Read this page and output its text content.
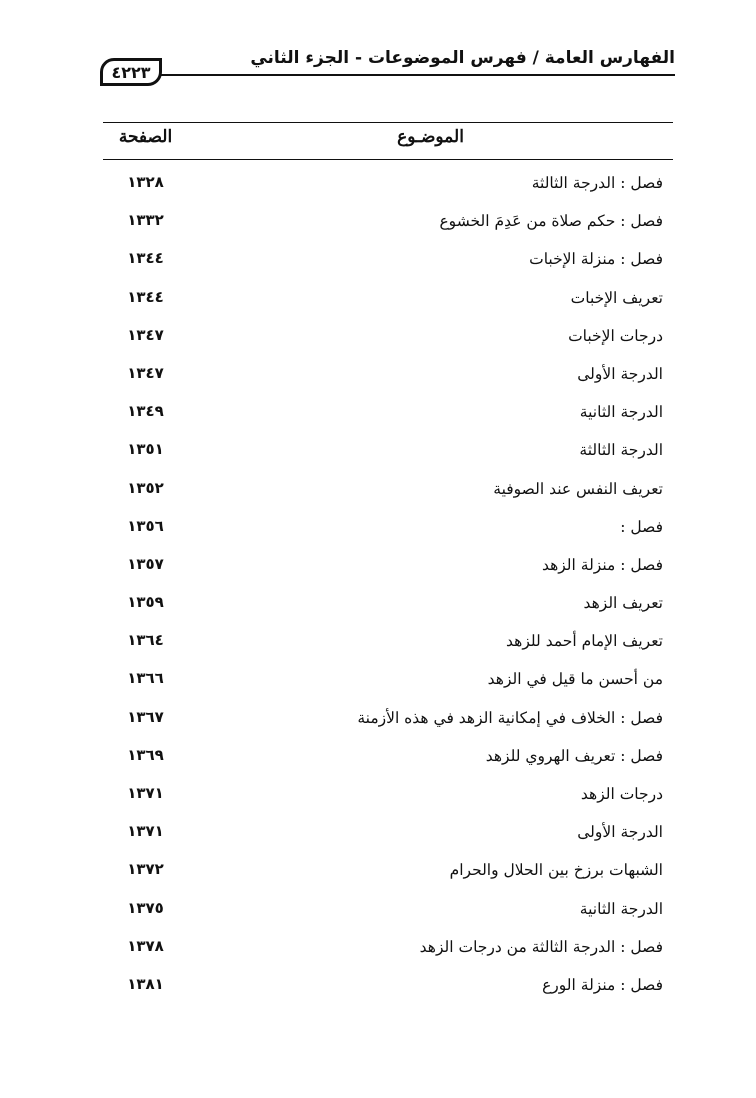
الفهارس العامة / فهرس الموضوعات - الجزء الثاني
٤٢٢٣
الموضـوع
الصفحة
فصل : الدرجة الثالثة
١٣٢٨
فصل : حكم صلاة من عَدِمَ الخشوع
١٣٣٢
فصل : منزلة الإخبات
١٣٤٤
تعريف الإخبات
١٣٤٤
درجات الإخبات
١٣٤٧
الدرجة الأولى
١٣٤٧
الدرجة الثانية
١٣٤٩
الدرجة الثالثة
١٣٥١
تعريف النفس عند الصوفية
١٣٥٢
فصل :
١٣٥٦
فصل : منزلة الزهد
١٣٥٧
تعريف الزهد
١٣٥٩
تعريف الإمام أحمد للزهد
١٣٦٤
من أحسن ما قيل في الزهد
١٣٦٦
فصل : الخلاف في إمكانية الزهد في هذه الأزمنة
١٣٦٧
فصل : تعريف الهروي للزهد
١٣٦٩
درجات الزهد
١٣٧١
الدرجة الأولى
١٣٧١
الشبهات برزخ بين الحلال والحرام
١٣٧٢
الدرجة الثانية
١٣٧٥
فصل : الدرجة الثالثة من درجات الزهد
١٣٧٨
فصل : منزلة الورع
١٣٨١
